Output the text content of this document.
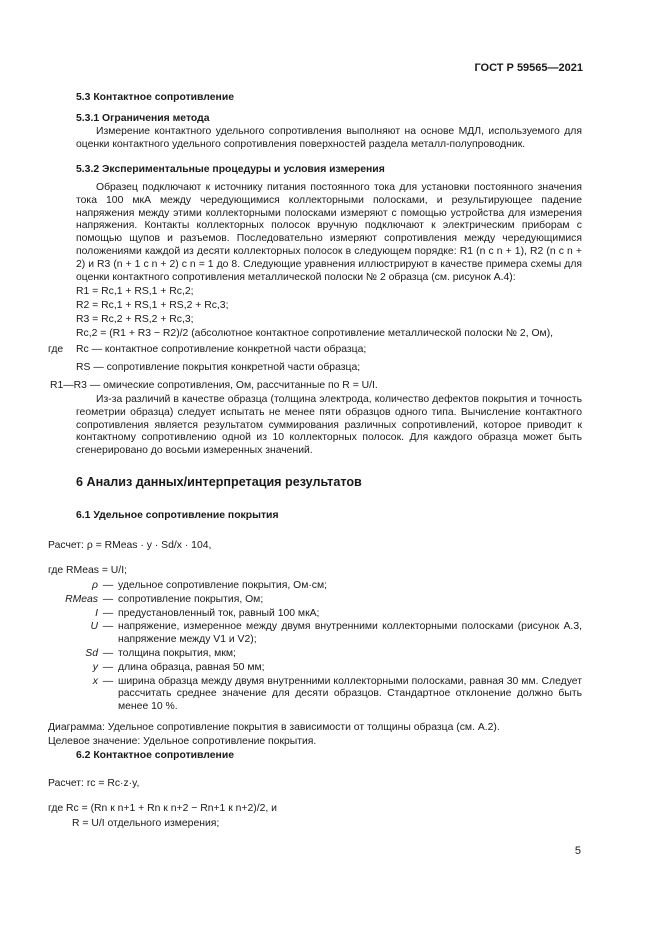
ГОСТ Р 59565—2021
5.3 Контактное сопротивление
5.3.1 Ограничения метода
Измерение контактного удельного сопротивления выполняют на основе МДЛ, используемого для оценки контактного удельного сопротивления поверхностей раздела металл-полупроводник.
5.3.2 Экспериментальные процедуры и условия измерения
Образец подключают к источнику питания постоянного тока для установки постоянного значения тока 100 мкА между чередующимися коллекторными полосками, и результирующее падение напряжения между этими коллекторными полосками измеряют с помощью устройства для измерения напряжения. Контакты коллекторных полосок вручную подключают к электрическим приборам с помощью щупов и разъемов. Последовательно измеряют сопротивления между чередующимися положениями каждой из десяти коллекторных полосок в следующем порядке: R1 (n с n + 1), R2 (n с n + 2) и R3 (n + 1 с n + 2) с n = 1 до 8. Следующие уравнения иллюстрируют в качестве примера схемы для оценки контактного сопротивления металлической полоски № 2 образца (см. рисунок А.4):
R1 = Rc,1 + RS,1 + Rc,2;
R2 = Rc,1 + RS,1 + RS,2 + Rc,3;
R3 = Rc,2 + RS,2 + Rc,3;
Rc,2 = (R1 + R3 − R2)/2 (абсолютное контактное сопротивление металлической полоски № 2, Ом),
где	Rc — контактное сопротивление конкретной части образца;
RS — сопротивление покрытия конкретной части образца;
R1—R3 — омические сопротивления, Ом, рассчитанные по R = U/I.
Из-за различий в качестве образца (толщина электрода, количество дефектов покрытия и точность геометрии образца) следует испытать не менее пяти образцов одного типа. Вычисление контактного сопротивления является результатом суммирования различных сопротивлений, которое приводит к контактному сопротивлению одной из 10 коллекторных полосок. Для каждого образца может быть сгенерировано до восьми измеренных значений.
6 Анализ данных/интерпретация результатов
6.1 Удельное сопротивление покрытия
Расчет: ρ = RMeas · y · Sd/x · 104,
где RMeas = U/I;
ρ — удельное сопротивление покрытия, Ом·см;
RMeas — сопротивление покрытия, Ом;
I — предустановленный ток, равный 100 мкА;
U — напряжение, измеренное между двумя внутренними коллекторными полосками (рисунок А.3, напряжение между V1 и V2);
Sd — толщина покрытия, мкм;
y — длина образца, равная 50 мм;
x — ширина образца между двумя внутренними коллекторными полосками, равная 30 мм. Следует рассчитать среднее значение для десяти образцов. Стандартное отклонение должно быть менее 10 %.
Диаграмма: Удельное сопротивление покрытия в зависимости от толщины образца (см. А.2).
Целевое значение: Удельное сопротивление покрытия.
6.2 Контактное сопротивление
Расчет: rc = Rc·z·y,
где Rc = (Rn к n+1 + Rn к n+2 − Rn+1 к n+2)/2, и
R = U/I отдельного измерения;
5
